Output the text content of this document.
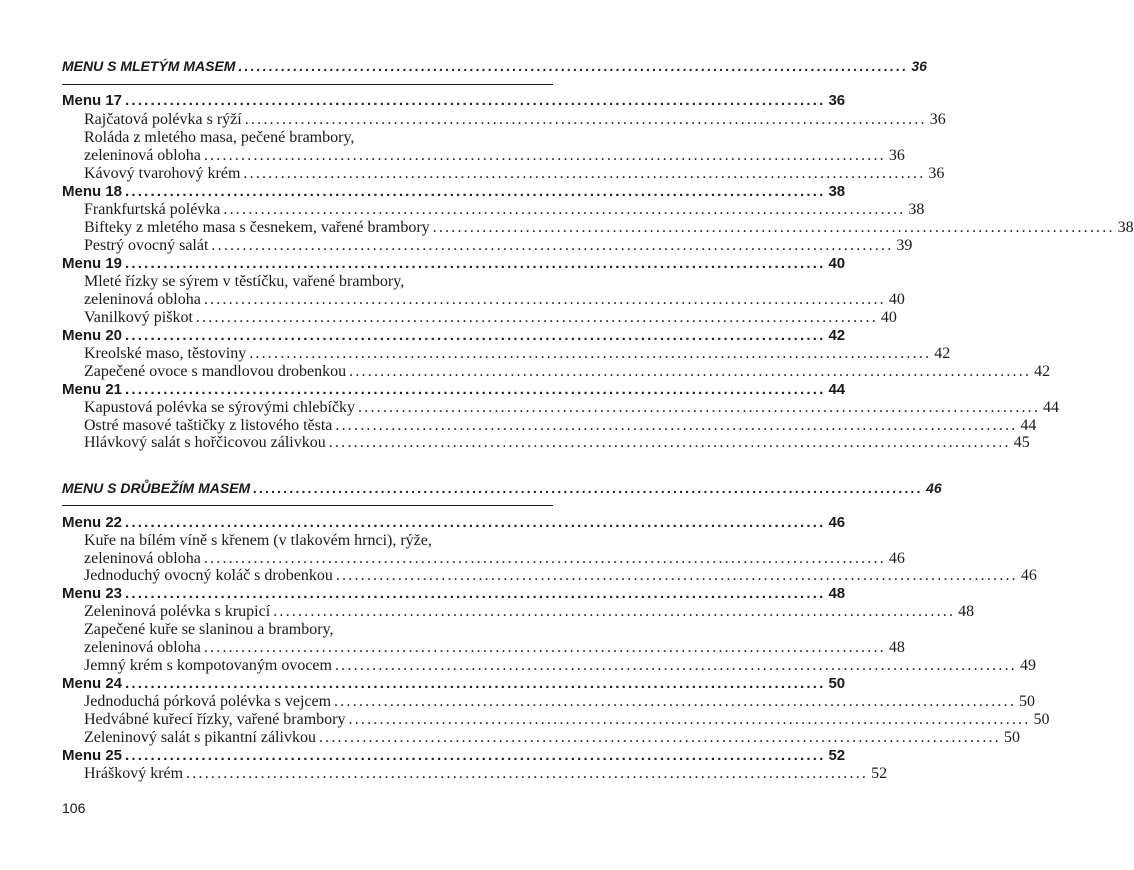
MENU S MLETÝM MASEM .............................................................................................................. 36
Menu 17 .............................................................................................................. 36
Rajčatová polévka s rýží .............................................................................................................. 36
Roláda z mletého masa, pečené brambory,
zeleninová obloha .............................................................................................................. 36
Kávový tvarohový krém .............................................................................................................. 36
Menu 18 .............................................................................................................. 38
Frankfurtská polévka .............................................................................................................. 38
Bifteky z mletého masa s česnekem, vařené brambory .............................................................................................................. 38
Pestrý ovocný salát .............................................................................................................. 39
Menu 19 .............................................................................................................. 40
Mleté řízky se sýrem v těstíčku, vařené brambory,
zeleninová obloha .............................................................................................................. 40
Vanilkový piškot .............................................................................................................. 40
Menu 20 .............................................................................................................. 42
Kreolské maso, těstoviny .............................................................................................................. 42
Zapečené ovoce s mandlovou drobenkou .............................................................................................................. 42
Menu 21 .............................................................................................................. 44
Kapustová polévka se sýrovými chlebíčky .............................................................................................................. 44
Ostré masové taštičky z listového těsta .............................................................................................................. 44
Hlávkový salát s hořčicovou zálivkou .............................................................................................................. 45
MENU S DRŮBEŽÍM MASEM .............................................................................................................. 46
Menu 22 .............................................................................................................. 46
Kuře na bílém víně s křenem (v tlakovém hrnci), rýže,
zeleninová obloha .............................................................................................................. 46
Jednoduchý ovocný koláč s drobenkou .............................................................................................................. 46
Menu 23 .............................................................................................................. 48
Zeleninová polévka s krupicí .............................................................................................................. 48
Zapečené kuře se slaninou a brambory,
zeleninová obloha .............................................................................................................. 48
Jemný krém s kompotovaným ovocem .............................................................................................................. 49
Menu 24 .............................................................................................................. 50
Jednoduchá pórková polévka s vejcem .............................................................................................................. 50
Hedvábné kuřecí řízky, vařené brambory .............................................................................................................. 50
Zeleninový salát s pikantní zálivkou .............................................................................................................. 50
Menu 25 .............................................................................................................. 52
Hráškový krém .............................................................................................................. 52
106
